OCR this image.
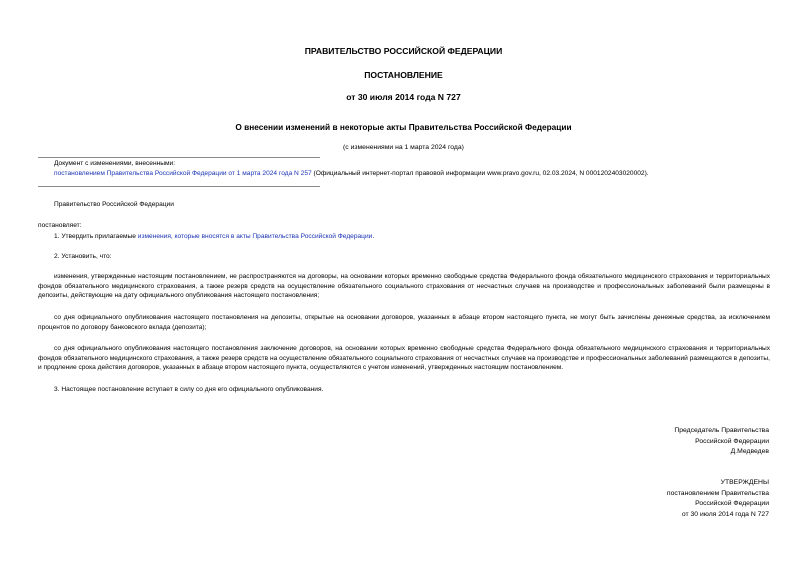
ПРАВИТЕЛЬСТВО РОССИЙСКОЙ ФЕДЕРАЦИИ
ПОСТАНОВЛЕНИЕ
от 30 июля 2014 года N 727
О внесении изменений в некоторые акты Правительства Российской Федерации
(с изменениями на 1 марта 2024 года)
Документ с изменениями, внесенными:
постановлением Правительства Российской Федерации от 1 марта 2024 года N 257 (Официальный интернет-портал правовой информации www.pravo.gov.ru, 02.03.2024, N 0001202403020002).
Правительство Российской Федерации
постановляет:
1. Утвердить прилагаемые изменения, которые вносятся в акты Правительства Российской Федерации.
2. Установить, что:
изменения, утвержденные настоящим постановлением, не распространяются на договоры, на основании которых временно свободные средства Федерального фонда обязательного медицинского страхования и территориальных фондов обязательного медицинского страхования, а также резерв средств на осуществление обязательного социального страхования от несчастных случаев на производстве и профессиональных заболеваний были размещены в депозиты, действующие на дату официального опубликования настоящего постановления;
со дня официального опубликования настоящего постановления на депозиты, открытые на основании договоров, указанных в абзаце втором настоящего пункта, не могут быть зачислены денежные средства, за исключением процентов по договору банковского вклада (депозита);
со дня официального опубликования настоящего постановления заключение договоров, на основании которых временно свободные средства Федерального фонда обязательного медицинского страхования и территориальных фондов обязательного медицинского страхования, а также резерв средств на осуществление обязательного социального страхования от несчастных случаев на производстве и профессиональных заболеваний размещаются в депозиты, и продление срока действия договоров, указанных в абзаце втором настоящего пункта, осуществляются с учетом изменений, утвержденных настоящим постановлением.
3. Настоящее постановление вступает в силу со дня его официального опубликования.
Председатель Правительства
Российской Федерации
Д.Медведев
УТВЕРЖДЕНЫ
постановлением Правительства
Российской Федерации
от 30 июля 2014 года N 727
